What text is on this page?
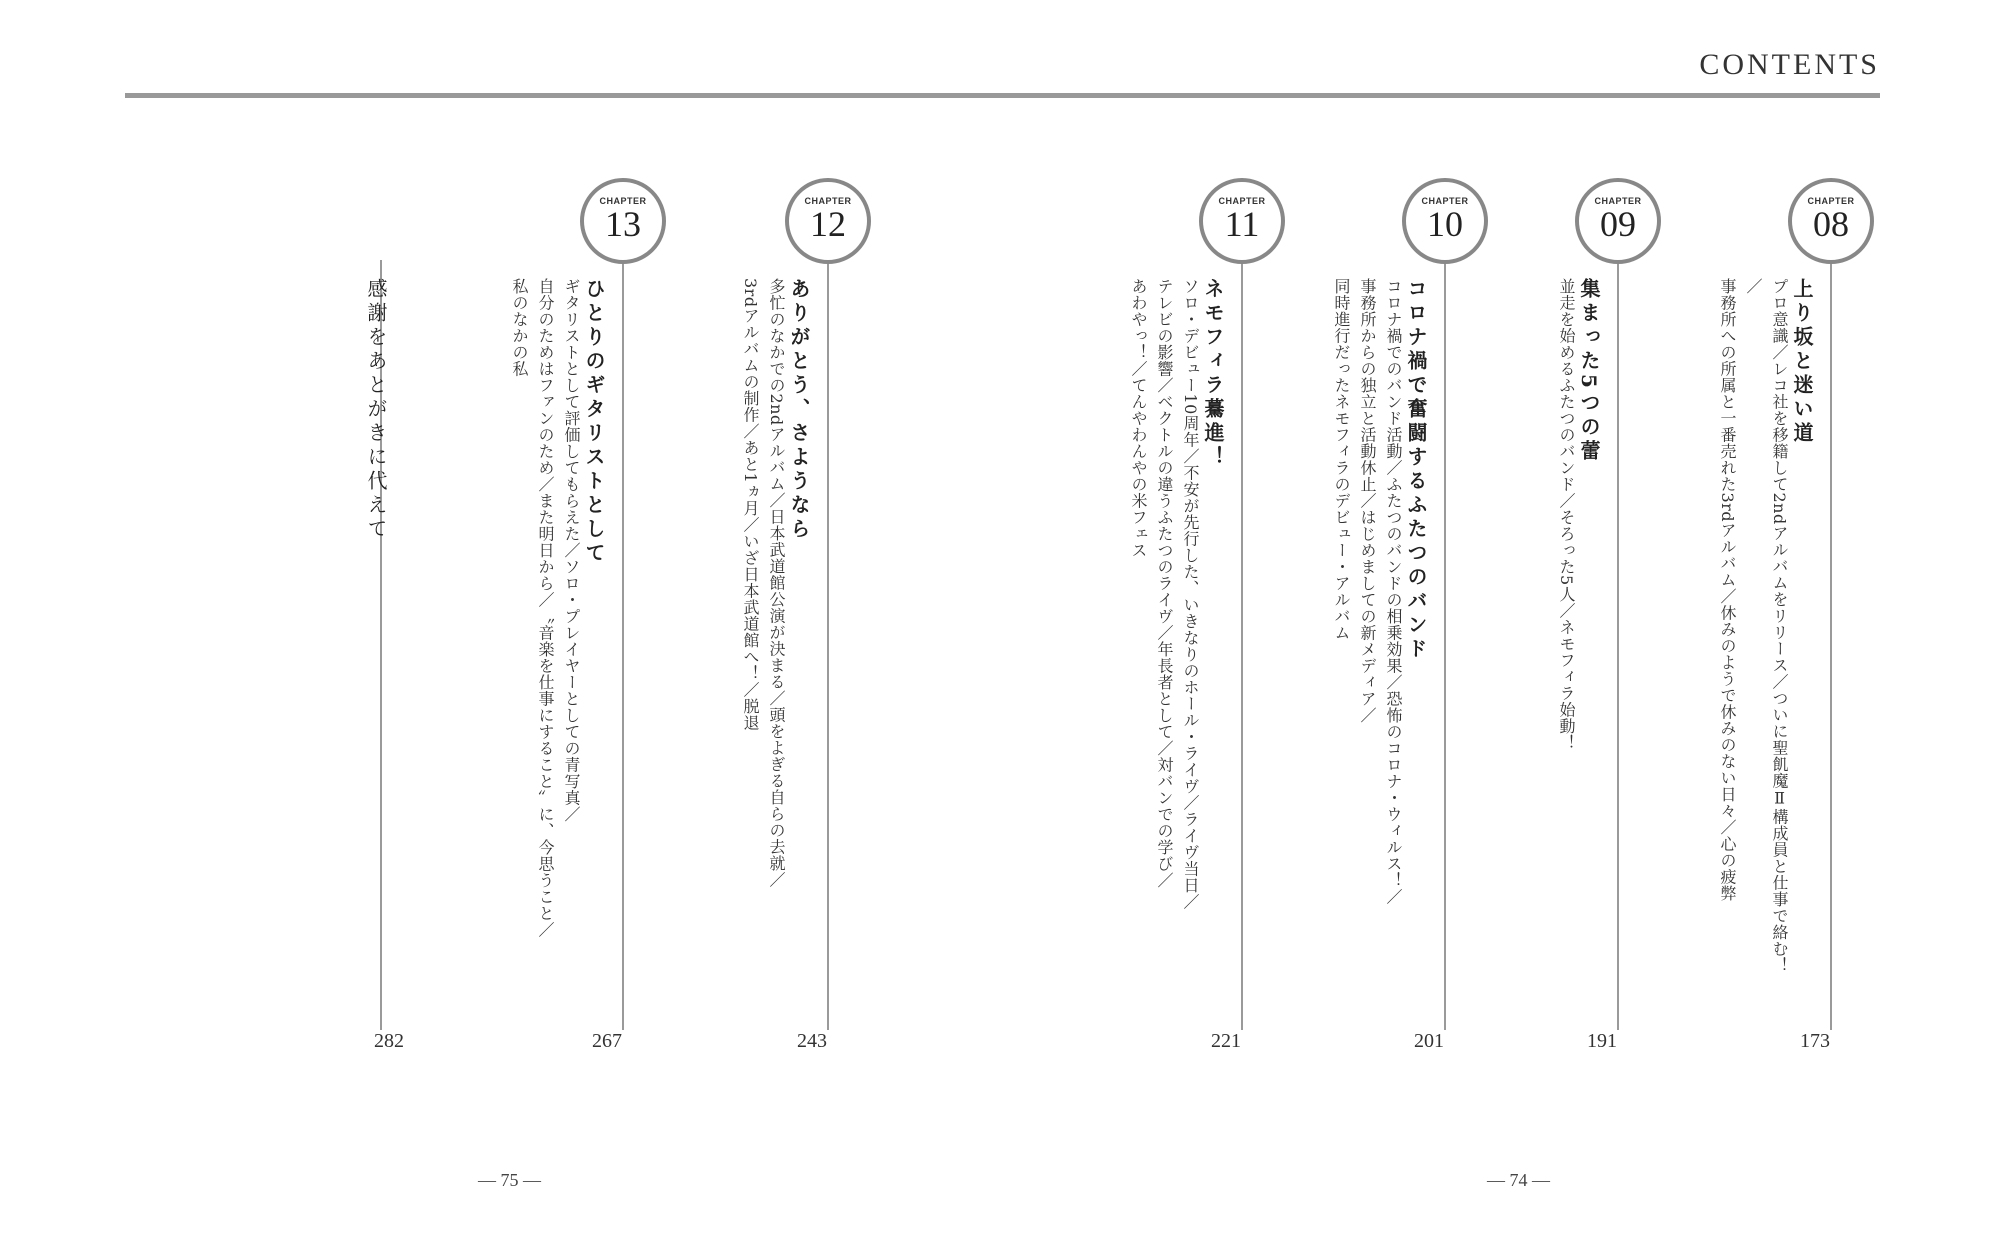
CONTENTS
CHAPTER
08
上り坂と迷い道
プロ意識／レコ社を移籍して2ndアルバムをリリース／ついに聖飢魔Ⅱ構成員と仕事で絡む！／
事務所への所属と一番売れた3rdアルバム／休みのようで休みのない日々／心の疲弊
173
CHAPTER
09
集まった5つの蕾
並走を始めるふたつのバンド／そろった5人／ネモフィラ始動！
191
CHAPTER
10
コロナ禍で奮闘するふたつのバンド
コロナ禍でのバンド活動／ふたつのバンドの相乗効果／恐怖のコロナ・ウィルス！／
事務所からの独立と活動休止／はじめましての新メディア／
同時進行だったネモフィラのデビュー・アルバム
201
CHAPTER
11
ネモフィラ驀進！
ソロ・デビュー10周年／不安が先行した、いきなりのホール・ライヴ／ライヴ当日／
テレビの影響／ベクトルの違うふたつのライヴ／年長者として／対バンでの学び／
あわやっ！／てんやわんやの米フェス
221
CHAPTER
12
ありがとう、さようなら
多忙のなかでの2ndアルバム／日本武道館公演が決まる／頭をよぎる自らの去就／
3rdアルバムの制作／あと1ヵ月／いざ日本武道館へ！／脱退
243
CHAPTER
13
ひとりのギタリストとして
ギタリストとして評価してもらえた／ソロ・プレイヤーとしての青写真／
自分のためはファンのため／また明日から／〝音楽を仕事にすること〟に、今思うこと／
私のなかの私
267
感謝をあとがきに代えて
282
— 75 —	— 74 —
